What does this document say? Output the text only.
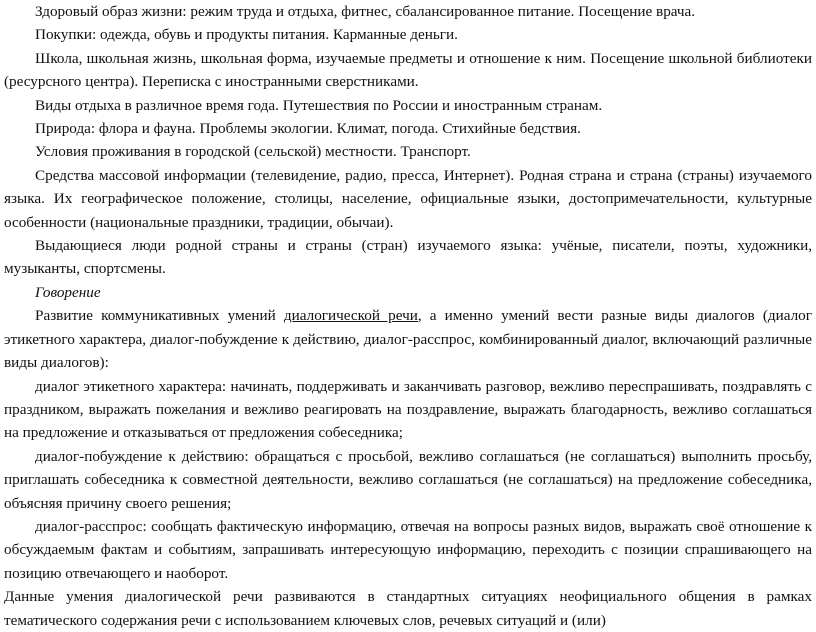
Здоровый образ жизни: режим труда и отдыха, фитнес, сбалансированное питание. Посещение врача.

Покупки: одежда, обувь и продукты питания. Карманные деньги.

Школа, школьная жизнь, школьная форма, изучаемые предметы и отношение к ним. Посещение школьной библиотеки (ресурсного центра). Переписка с иностранными сверстниками.

Виды отдыха в различное время года. Путешествия по России и иностранным странам.

Природа: флора и фауна. Проблемы экологии. Климат, погода. Стихийные бедствия.

Условия проживания в городской (сельской) местности. Транспорт.

Средства массовой информации (телевидение, радио, пресса, Интернет). Родная страна и страна (страны) изучаемого языка. Их географическое положение, столицы, население, официальные языки, достопримечательности, культурные особенности (национальные праздники, традиции, обычаи).

Выдающиеся люди родной страны и страны (стран) изучаемого языка: учёные, писатели, поэты, художники, музыканты, спортсмены.

Говорение

Развитие коммуникативных умений диалогической речи, а именно умений вести разные виды диалогов (диалог этикетного характера, диалог-побуждение к действию, диалог-расспрос, комбинированный диалог, включающий различные виды диалогов):

диалог этикетного характера: начинать, поддерживать и заканчивать разговор, вежливо переспрашивать, поздравлять с праздником, выражать пожелания и вежливо реагировать на поздравление, выражать благодарность, вежливо соглашаться на предложение и отказываться от предложения собеседника;

диалог-побуждение к действию: обращаться с просьбой, вежливо соглашаться (не соглашаться) выполнить просьбу, приглашать собеседника к совместной деятельности, вежливо соглашаться (не соглашаться) на предложение собеседника, объясняя причину своего решения;

диалог-расспрос: сообщать фактическую информацию, отвечая на вопросы разных видов, выражать своё отношение к обсуждаемым фактам и событиям, запрашивать интересующую информацию, переходить с позиции спрашивающего на позицию отвечающего и наоборот.

Данные умения диалогической речи развиваются в стандартных ситуациях неофициального общения в рамках тематического содержания речи с использованием ключевых слов, речевых ситуаций и (или)
